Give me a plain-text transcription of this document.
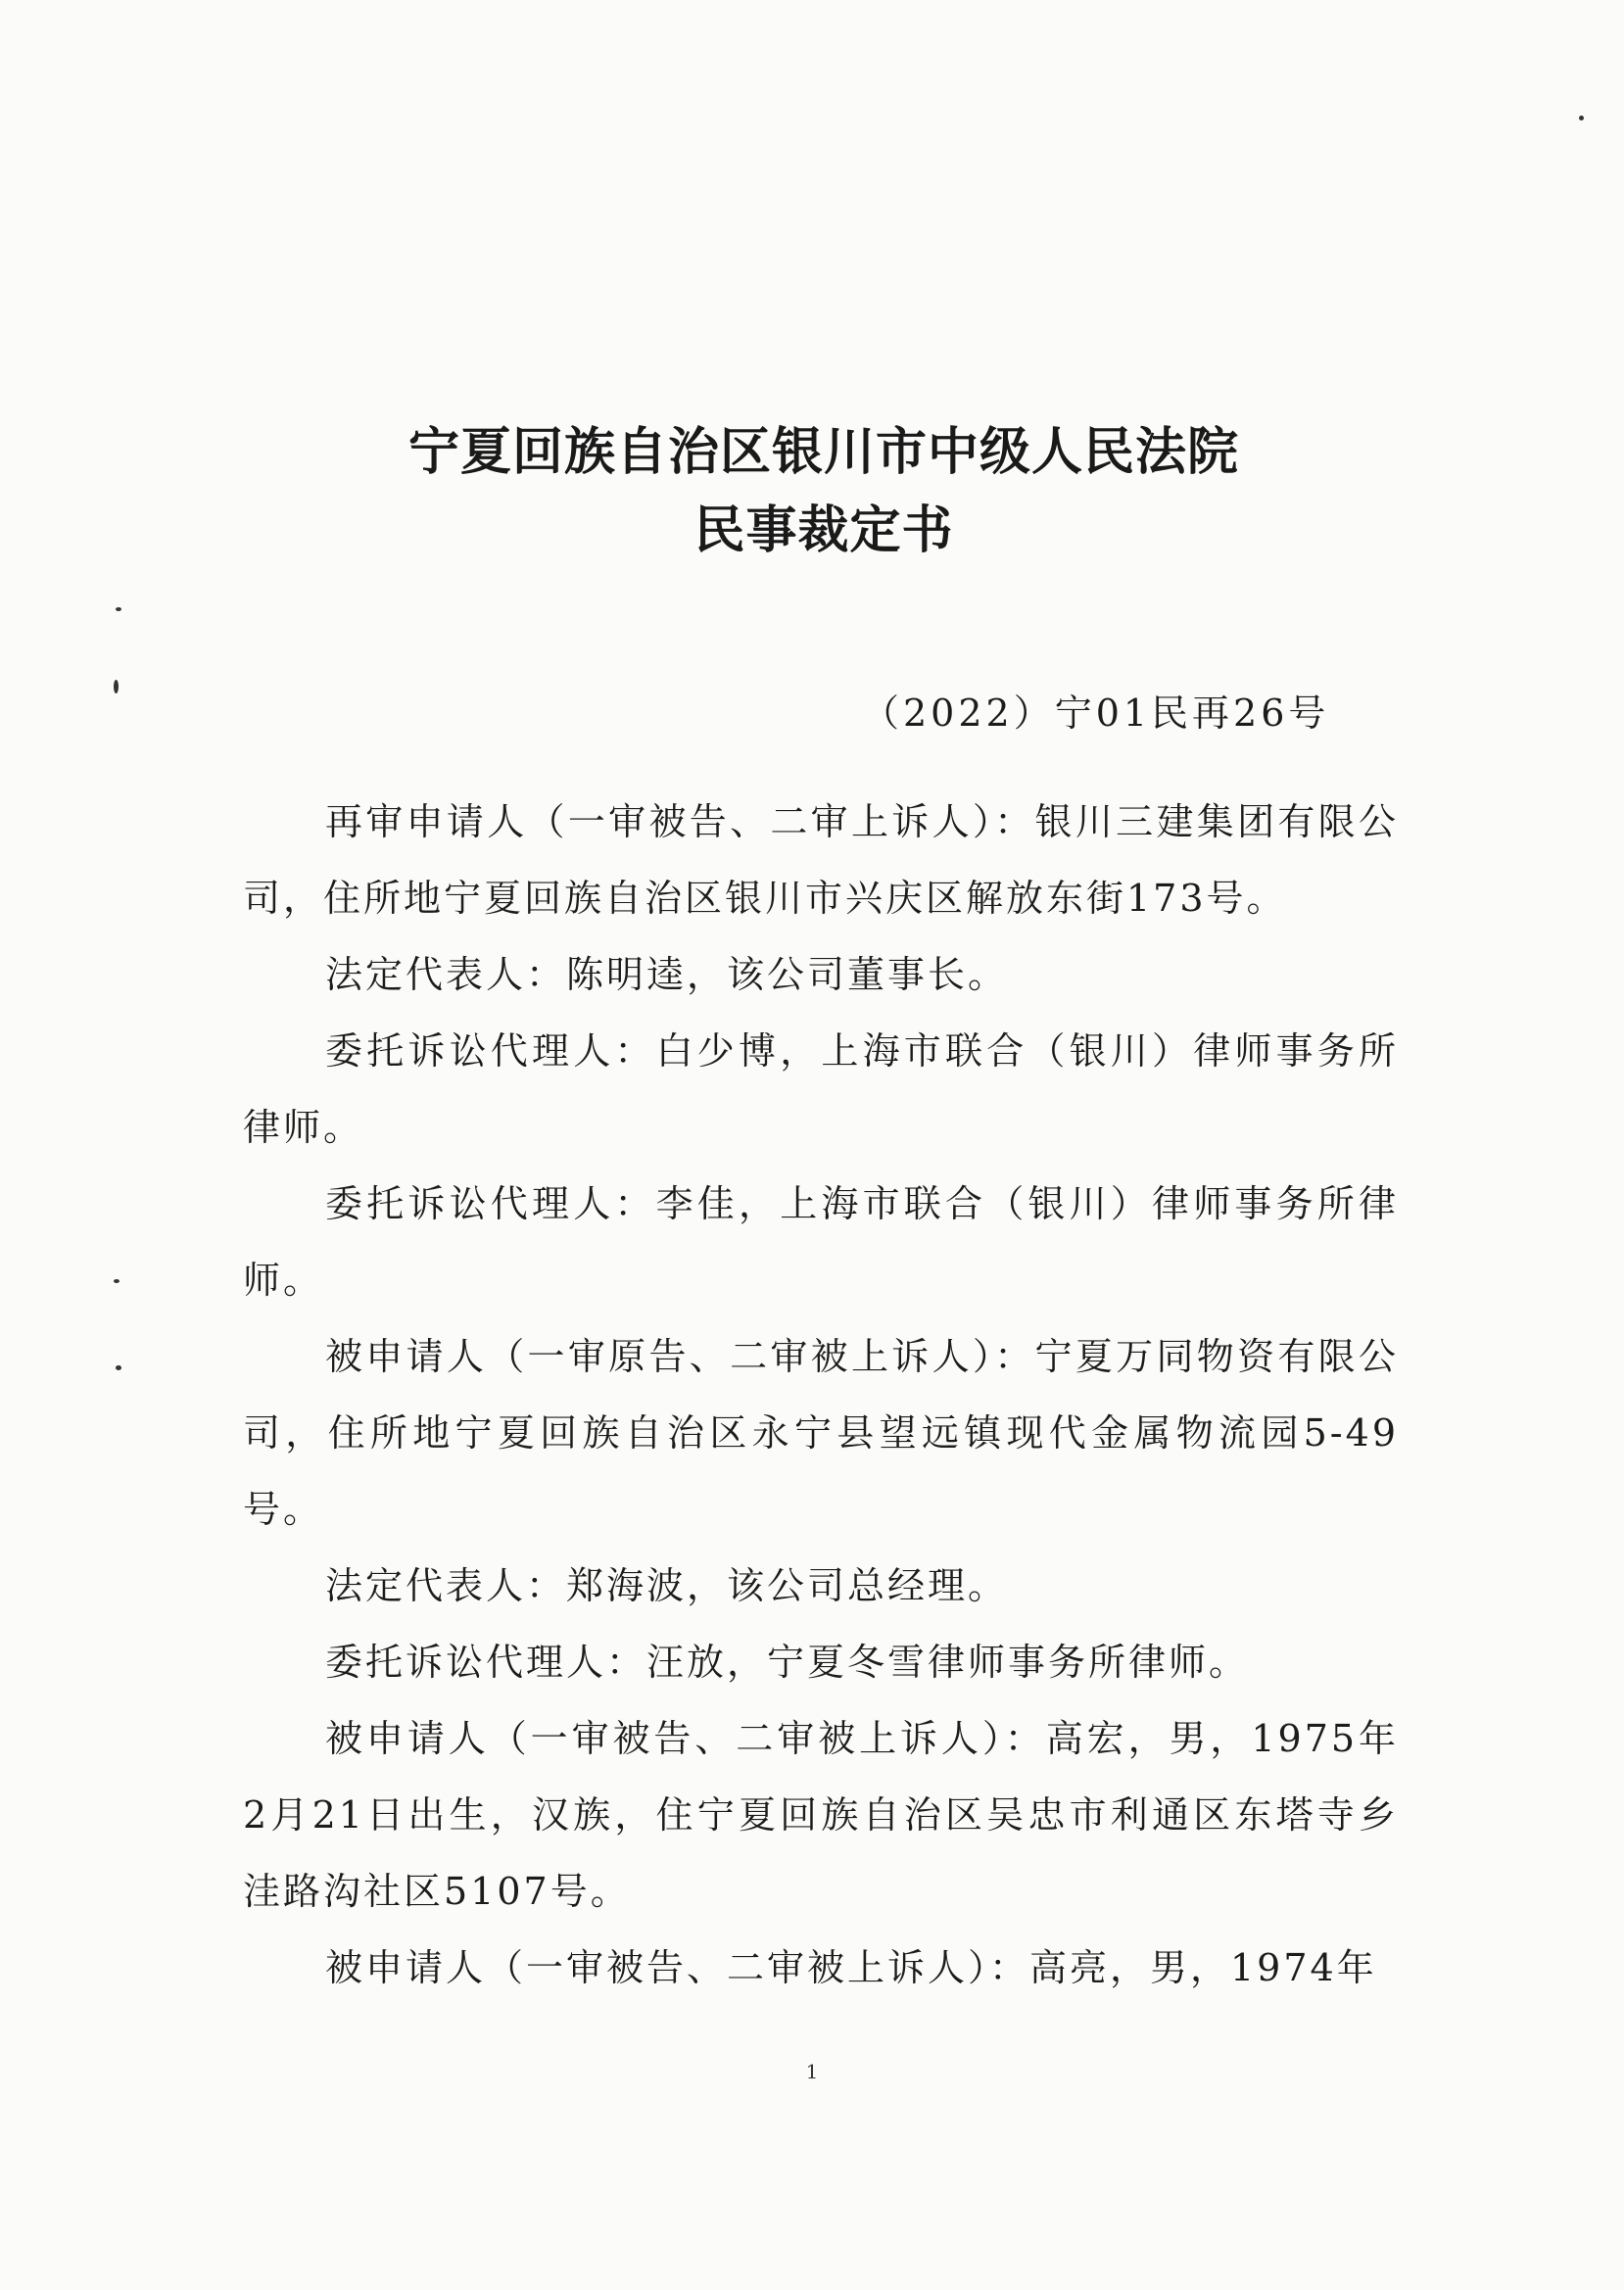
宁夏回族自治区银川市中级人民法院
民事裁定书
（2022）宁01民再26号

再审申请人（一审被告、二审上诉人）：银川三建集团有限公司，住所地宁夏回族自治区银川市兴庆区解放东街173号。

法定代表人：陈明逵，该公司董事长。

委托诉讼代理人：白少博，上海市联合（银川）律师事务所律师。

委托诉讼代理人：李佳，上海市联合（银川）律师事务所律师。

被申请人（一审原告、二审被上诉人）：宁夏万同物资有限公司，住所地宁夏回族自治区永宁县望远镇现代金属物流园5-49号。

法定代表人：郑海波，该公司总经理。

委托诉讼代理人：汪放，宁夏冬雪律师事务所律师。

被申请人（一审被告、二审被上诉人）：高宏，男，1975年2月21日出生，汉族，住宁夏回族自治区吴忠市利通区东塔寺乡洼路沟社区5107号。

被申请人（一审被告、二审被上诉人）：高亮，男，1974年

1
